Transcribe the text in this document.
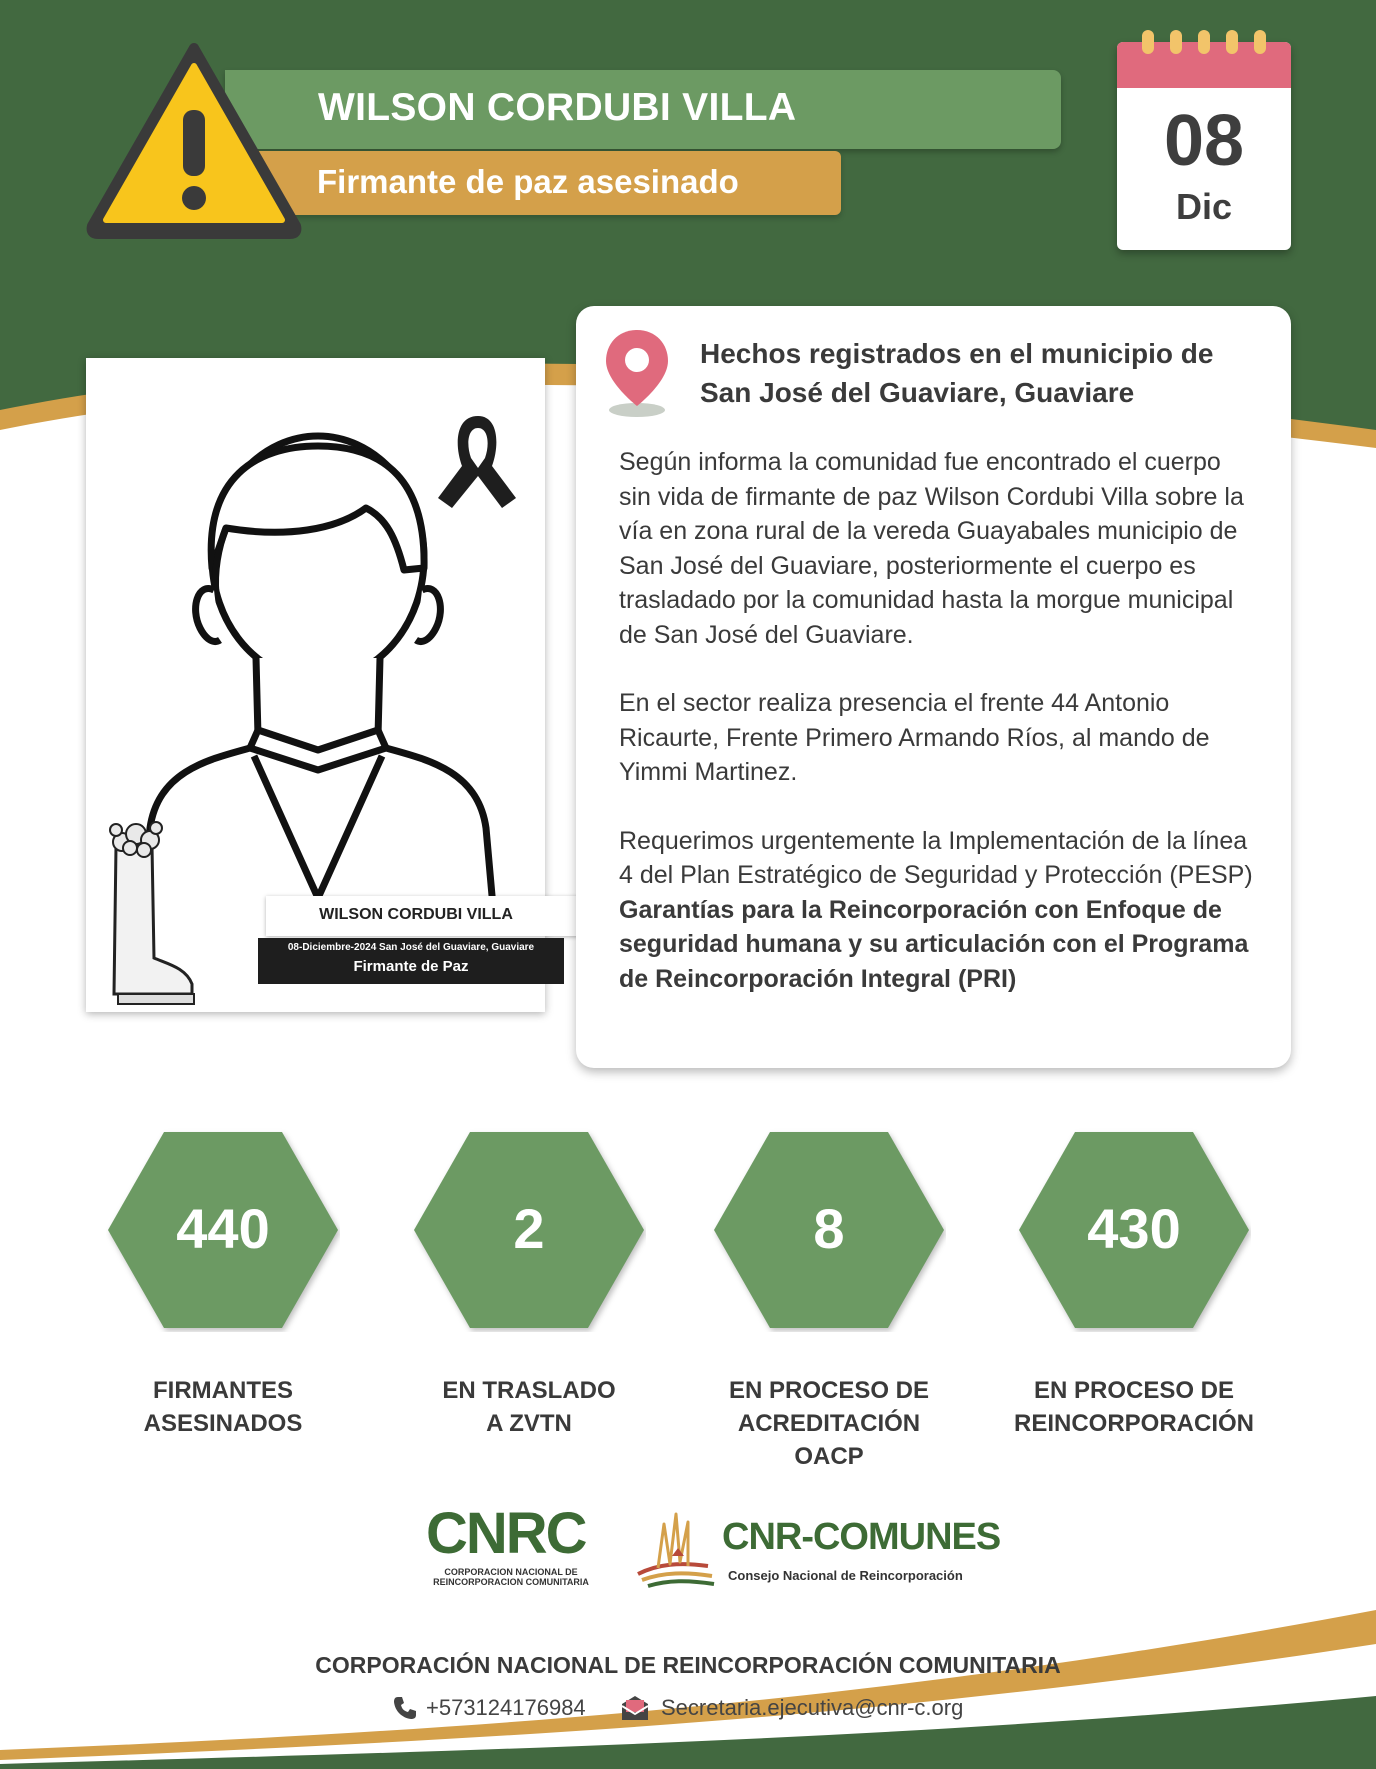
WILSON CORDUBI VILLA
Firmante de paz asesinado
08
Dic
WILSON CORDUBI VILLA
08-Diciembre-2024 San José del Guaviare, Guaviare
Firmante de Paz
Hechos registrados en el municipio de San José del Guaviare, Guaviare

Según informa la comunidad fue encontrado el cuerpo sin vida de firmante de paz Wilson Cordubi Villa sobre la vía en zona rural de la vereda Guayabales municipio de San José del Guaviare, posteriormente el cuerpo es trasladado por la comunidad hasta la morgue municipal de San José del Guaviare.

En el sector realiza presencia el frente 44 Antonio Ricaurte, Frente Primero Armando Ríos, al mando de Yimmi Martinez.

Requerimos urgentemente la Implementación de la línea 4 del Plan Estratégico de Seguridad y Protección (PESP) Garantías para la Reincorporación con Enfoque de seguridad humana y su articulación con el Programa de Reincorporación Integral (PRI)

440
FIRMANTES
ASESINADOS
2
EN TRASLADO
A ZVTN
8
EN PROCESO DE
ACREDITACIÓN
OACP
430
EN PROCESO DE
REINCORPORACIÓN
CNRC
CORPORACION NACIONAL DE
REINCORPORACION COMUNITARIA
CNR-COMUNES
Consejo Nacional de Reincorporación
CORPORACIÓN NACIONAL DE REINCORPORACIÓN COMUNITARIA
+573124176984	Secretaria.ejecutiva@cnr-c.org
